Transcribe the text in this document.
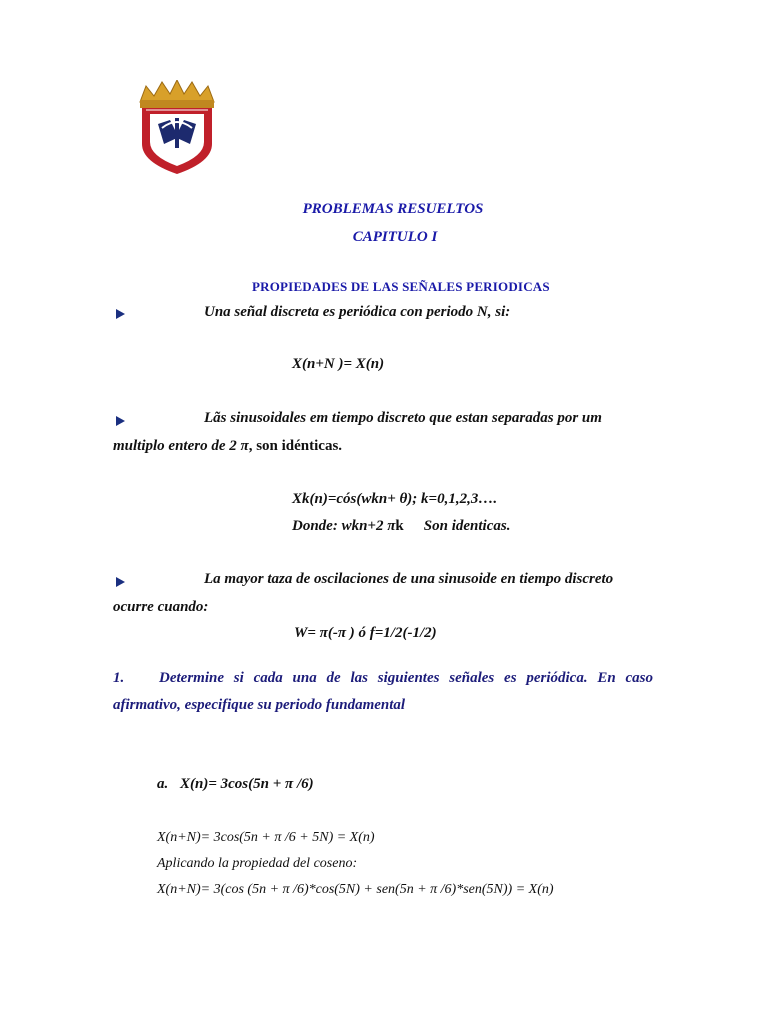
PROBLEMAS RESUELTOS
CAPITULO I
PROPIEDADES DE LAS SEÑALES PERIODICAS
Una señal discreta es periódica con periodo N, si:
X(n+N )= X(n)
Lãs sinusoidales em tiempo discreto que estan separadas por um
multiplo entero de 2 π, son idénticas.
Xk(n)=cós(wkn+ θ); k=0,1,2,3….
Donde: wkn+2 πk Son identicas.
La mayor taza de oscilaciones de una sinusoide en tiempo discreto
ocurre cuando:
W= π(-π ) ó f=1/2(-1/2)
1. Determine si cada una de las siguientes señales es periódica. En caso
afirmativo, especifique su periodo fundamental
a. X(n)= 3cos(5n + π /6)
X(n+N)= 3cos(5n + π /6 + 5N) = X(n)
Aplicando la propiedad del coseno:
X(n+N)= 3(cos (5n + π /6)*cos(5N) + sen(5n + π /6)*sen(5N)) = X(n)
